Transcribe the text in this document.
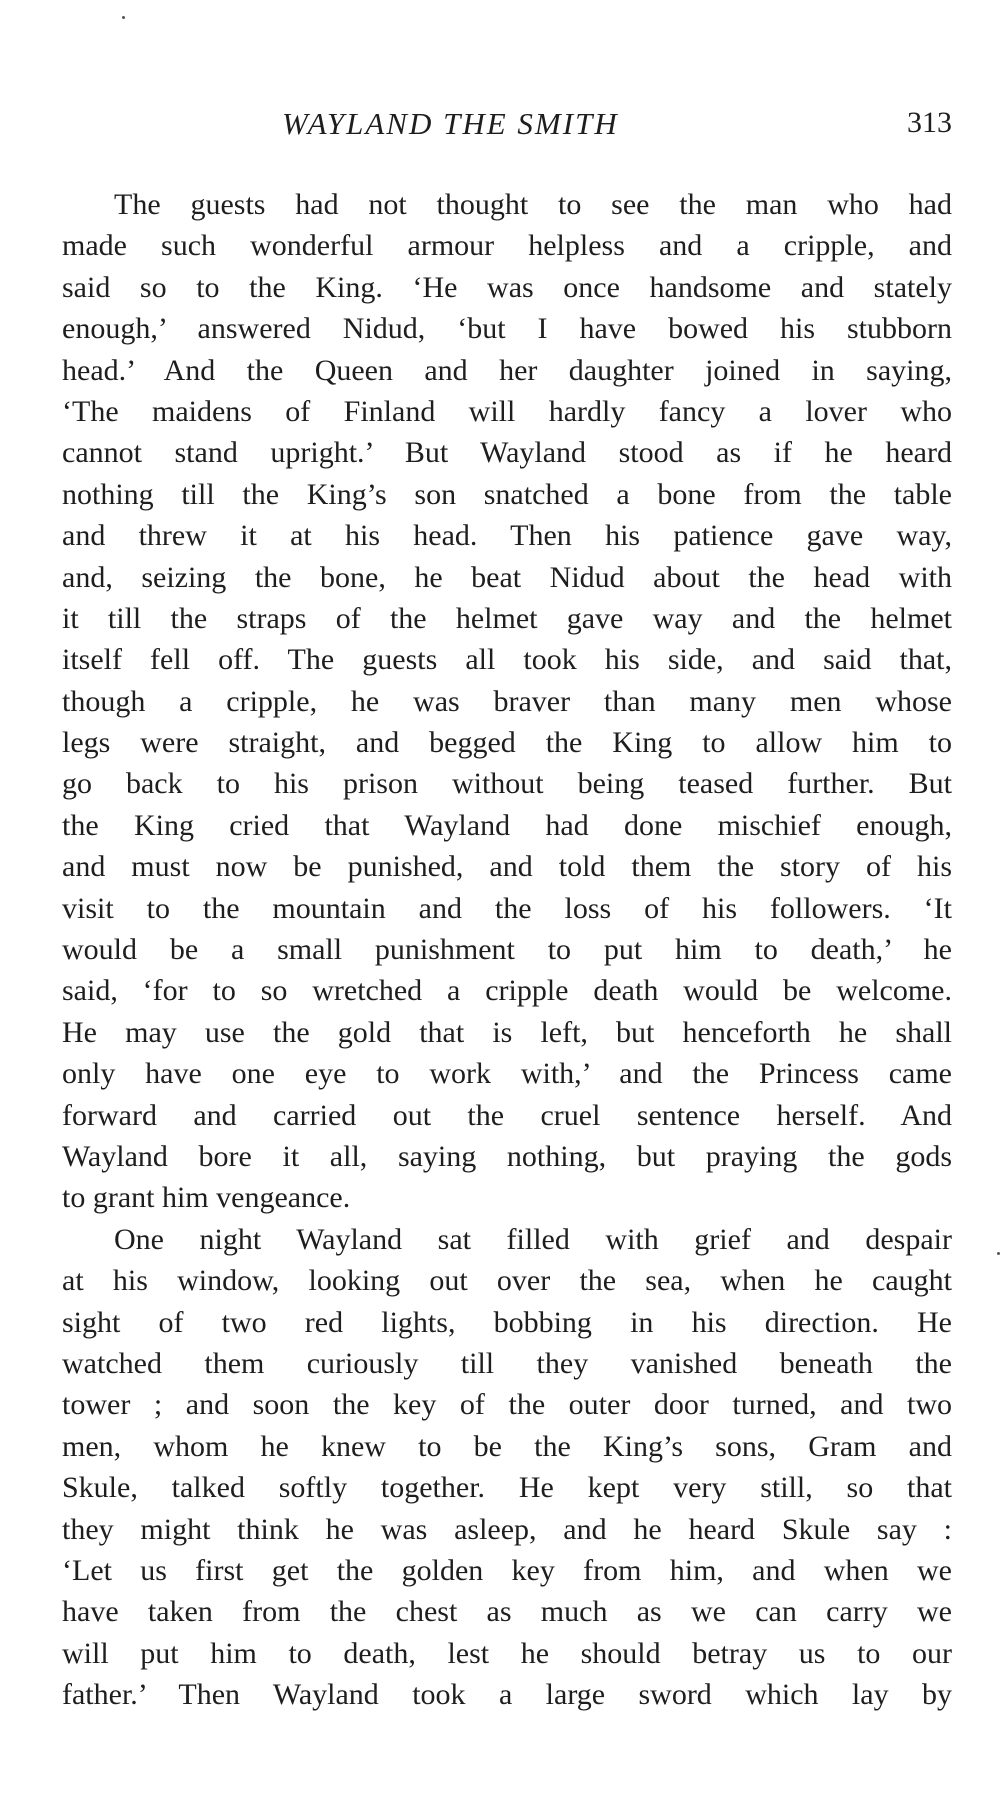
WAYLAND THE SMITH	313
The guests had not thought to see the man who had
made such wonderful armour helpless and a cripple, and
said so to the King. ‘He was once handsome and stately
enough,’ answered Nidud, ‘but I have bowed his stubborn
head.’ And the Queen and her daughter joined in saying,
‘The maidens of Finland will hardly fancy a lover who
cannot stand upright.’ But Wayland stood as if he heard
nothing till the King’s son snatched a bone from the table
and threw it at his head. Then his patience gave way,
and, seizing the bone, he beat Nidud about the head with
it till the straps of the helmet gave way and the helmet
itself fell off. The guests all took his side, and said that,
though a cripple, he was braver than many men whose
legs were straight, and begged the King to allow him to
go back to his prison without being teased further. But
the King cried that Wayland had done mischief enough,
and must now be punished, and told them the story of his
visit to the mountain and the loss of his followers. ‘It
would be a small punishment to put him to death,’ he
said, ‘for to so wretched a cripple death would be welcome.
He may use the gold that is left, but henceforth he shall
only have one eye to work with,’ and the Princess came
forward and carried out the cruel sentence herself. And
Wayland bore it all, saying nothing, but praying the gods
to grant him vengeance.
One night Wayland sat filled with grief and despair
at his window, looking out over the sea, when he caught
sight of two red lights, bobbing in his direction. He
watched them curiously till they vanished beneath the
tower ; and soon the key of the outer door turned, and two
men, whom he knew to be the King’s sons, Gram and
Skule, talked softly together. He kept very still, so that
they might think he was asleep, and he heard Skule say :
‘Let us first get the golden key from him, and when we
have taken from the chest as much as we can carry we
will put him to death, lest he should betray us to our
father.’ Then Wayland took a large sword which lay by
